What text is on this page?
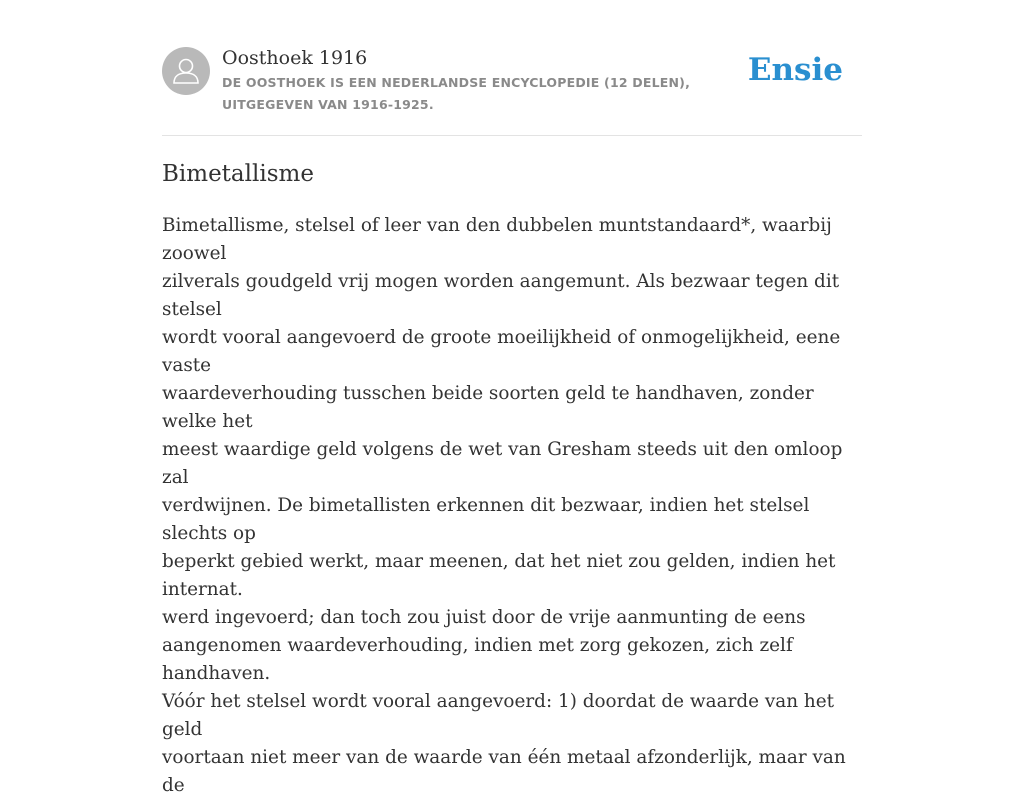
Oosthoek 1916
DE OOSTHOEK IS EEN NEDERLANDSE ENCYCLOPEDIE (12 DELEN), UITGEGEVEN VAN 1916-1925.
Ensie
Bimetallisme

Bimetallisme, stelsel of leer van den dubbelen muntstandaard*, waarbij zoowel
zilverals goudgeld vrij mogen worden aangemunt. Als bezwaar tegen dit stelsel
wordt vooral aangevoerd de groote moeilijkheid of onmogelijkheid, eene vaste
waardeverhouding tusschen beide soorten geld te handhaven, zonder welke het
meest waardige geld volgens de wet van Gresham steeds uit den omloop zal
verdwijnen. De bimetallisten erkennen dit bezwaar, indien het stelsel slechts op
beperkt gebied werkt, maar meenen, dat het niet zou gelden, indien het internat.
werd ingevoerd; dan toch zou juist door de vrije aanmunting de eens
aangenomen waardeverhouding, indien met zorg gekozen, zich zelf handhaven.
Vóór het stelsel wordt vooral aangevoerd: 1) doordat de waarde van het geld
voortaan niet meer van de waarde van één metaal afzonderlijk, maar van de
